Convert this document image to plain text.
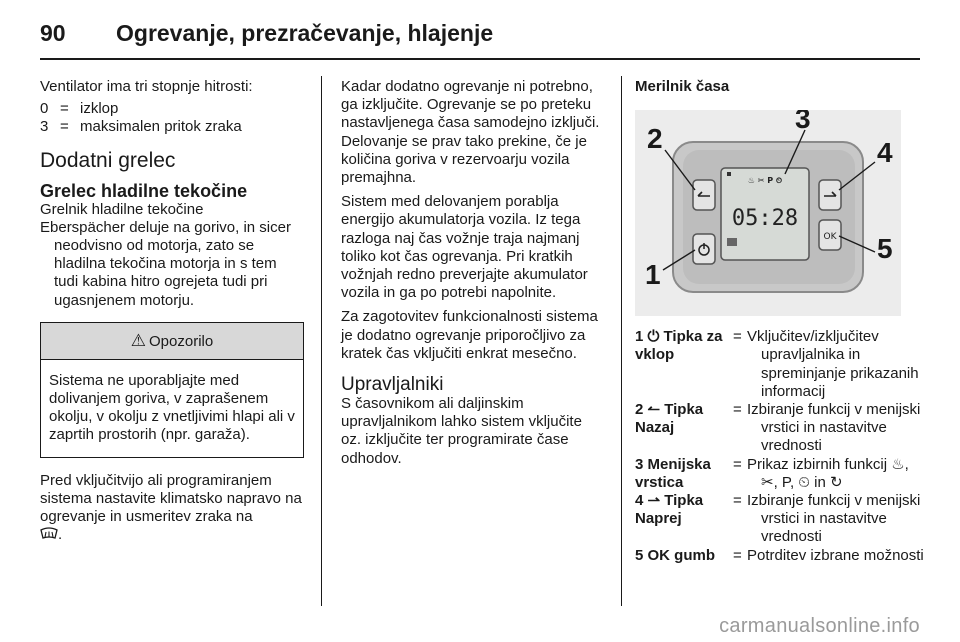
90 Ogrevanje, prezračevanje, hlajenje

Ventilator ima tri stopnje hitrosti:

0 = izklop
3 = maksimalen pritok zraka
Dodatni grelec
Grelec hladilne tekočine

Grelnik hladilne tekočine

Eberspächer deluje na gorivo, in sicer neodvisno od motorja, zato se hladilna tekočina motorja in s tem tudi kabina hitro ogrejeta tudi pri ugasnjenem motorju.

⚠ Opozorilo
Sistema ne uporabljajte med dolivanjem goriva, v zaprašenem okolju, v okolju z vnetljivimi hlapi ali v zaprtih prostorih (npr. garaža).

Pred vključitvijo ali programiranjem sistema nastavite klimatsko napravo na ogrevanje in usmeritev zraka na
.

Kadar dodatno ogrevanje ni potrebno, ga izključite. Ogrevanje se po preteku nastavljenega časa samodejno izključi. Delovanje se prav tako prekine, če je količina goriva v rezervoarju vozila premajhna.

Sistem med delovanjem porablja energijo akumulatorja vozila. Iz tega razloga naj čas vožnje traja najmanj toliko kot čas ogrevanja. Pri kratkih vožnjah redno preverjajte akumulator vozila in ga po potrebi napolnite.

Za zagotovitev funkcionalnosti sistema je dodatno ogrevanje priporočljivo za kratek čas vključiti enkrat mesečno.

Upravljalniki

S časovnikom ali daljinskim upravljalnikom lahko sistem vključite oz. izključite ter programirate čase odhodov.

Merilnik časa

♨ ✂ P ⏲
05:28
OK
2
1
3
4
5
1 ⏻ Tipka za vklop
= Vključitev/izključitev upravljalnika in spreminjanje prikazanih informacij
2 ↼ Tipka Nazaj
= Izbiranje funkcij v menijski vrstici in nastavitve vrednosti
3 Menijska vrstica
= Prikaz izbirnih funkcij ♨, ✂, P, ⏲ in ↻
4 ⇀ Tipka Naprej
= Izbiranje funkcij v menijski vrstici in nastavitve vrednosti
5 OK gumb	= Potrditev izbrane možnosti
carmanualsonline.info
